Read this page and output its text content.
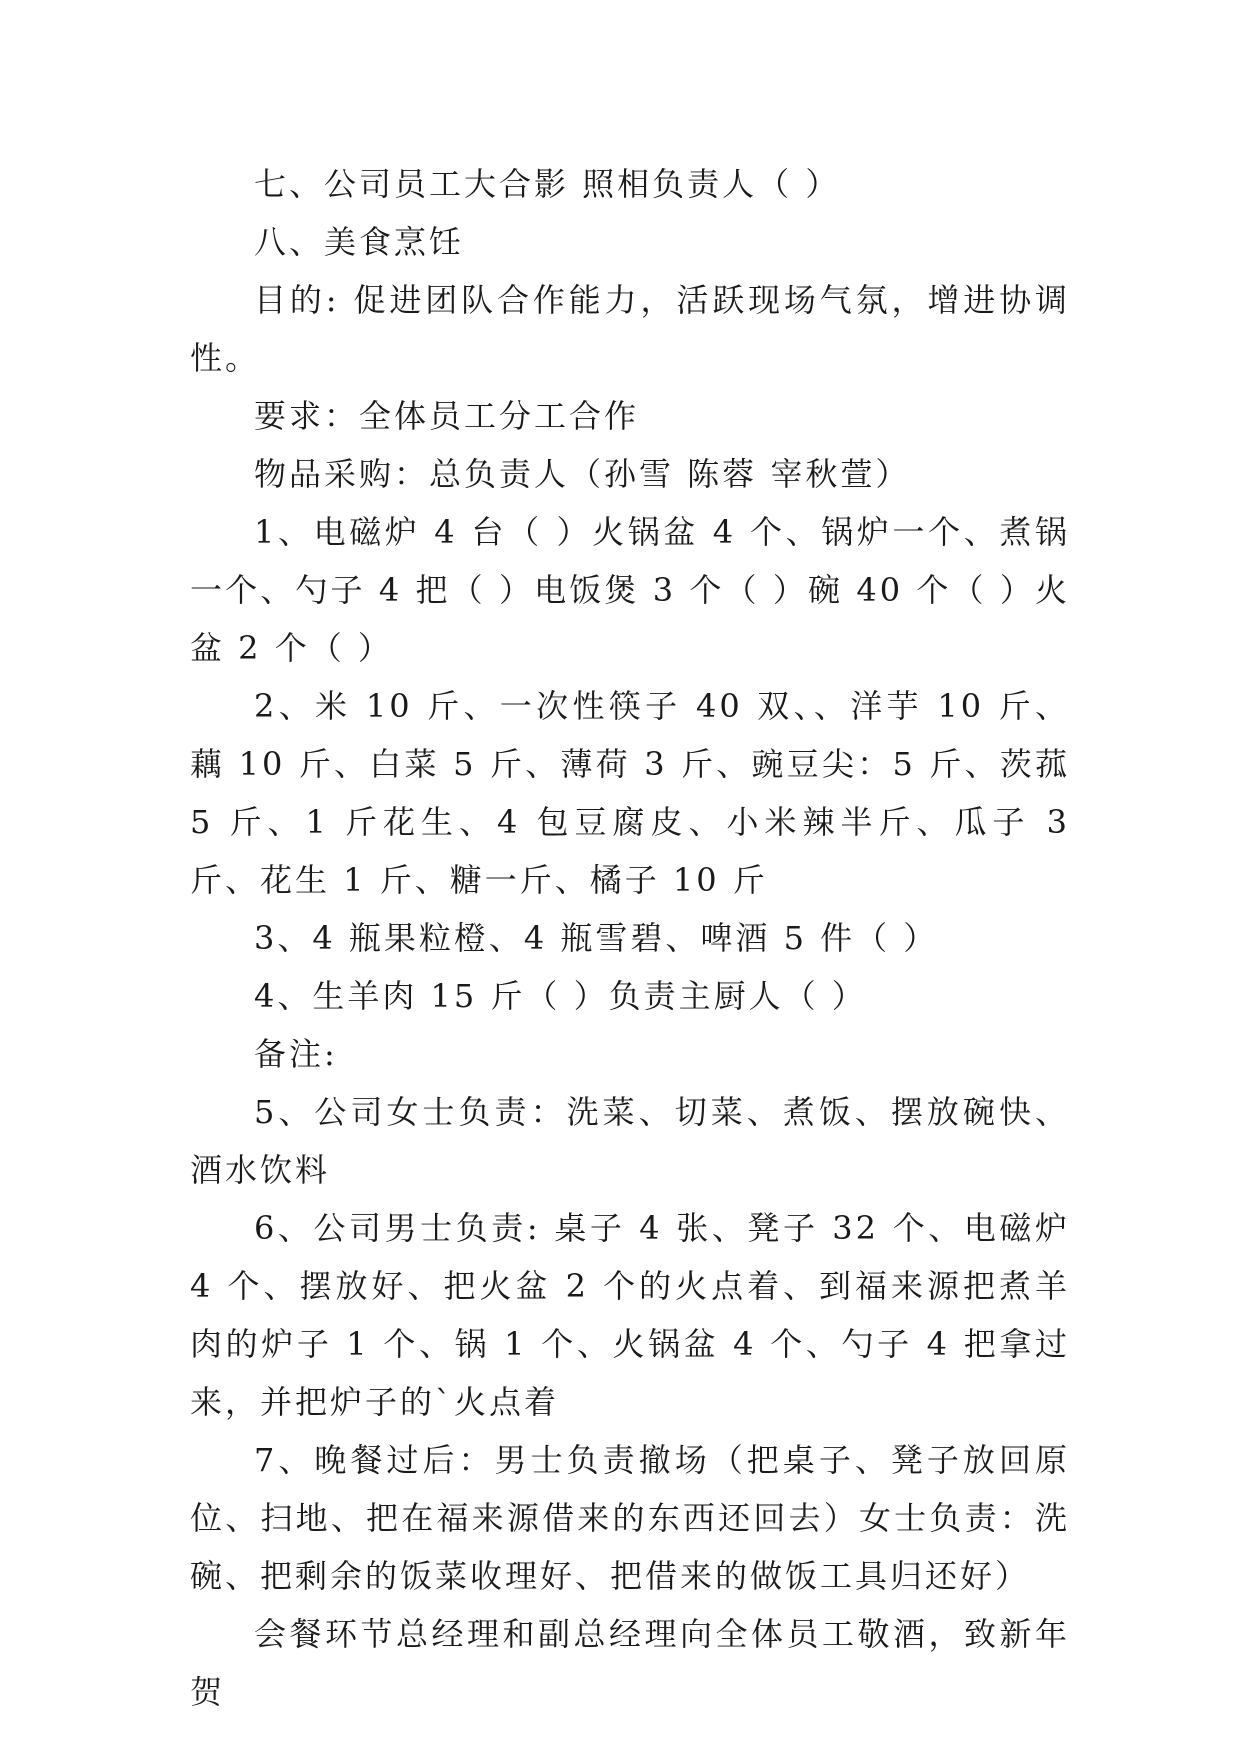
七、公司员工大合影 照相负责人（ ）

八、美食烹饪

目的: 促进团队合作能力，活跃现场气氛，增进协调性。

要求：全体员工分工合作

物品采购：总负责人（孙雪 陈蓉 宰秋萱）

1、电磁炉 4 台（ ）火锅盆 4 个、锅炉一个、煮锅一个、勺子 4 把（ ）电饭煲 3 个（ ）碗 40 个（ ）火盆 2 个（ ）

2、米 10 斤、一次性筷子 40 双、、洋芋 10 斤、藕 10 斤、白菜 5 斤、薄荷 3 斤、豌豆尖：5 斤、茨菰 5 斤、1 斤花生、4 包豆腐皮、小米辣半斤、瓜子 3 斤、花生 1 斤、糖一斤、橘子 10 斤

3、4 瓶果粒橙、4 瓶雪碧、啤酒 5 件（ ）

4、生羊肉 15 斤（ ）负责主厨人（ ）

备注:

5、公司女士负责：洗菜、切菜、煮饭、摆放碗快、酒水饮料

6、公司男士负责: 桌子 4 张、凳子 32 个、电磁炉 4 个、摆放好、把火盆 2 个的火点着、到福来源把煮羊肉的炉子 1 个、锅 1 个、火锅盆 4 个、勺子 4 把拿过来，并把炉子的`火点着

7、晚餐过后：男士负责撤场（把桌子、凳子放回原位、扫地、把在福来源借来的东西还回去）女士负责：洗碗、把剩余的饭菜收理好、把借来的做饭工具归还好）

会餐环节总经理和副总经理向全体员工敬酒，致新年贺
